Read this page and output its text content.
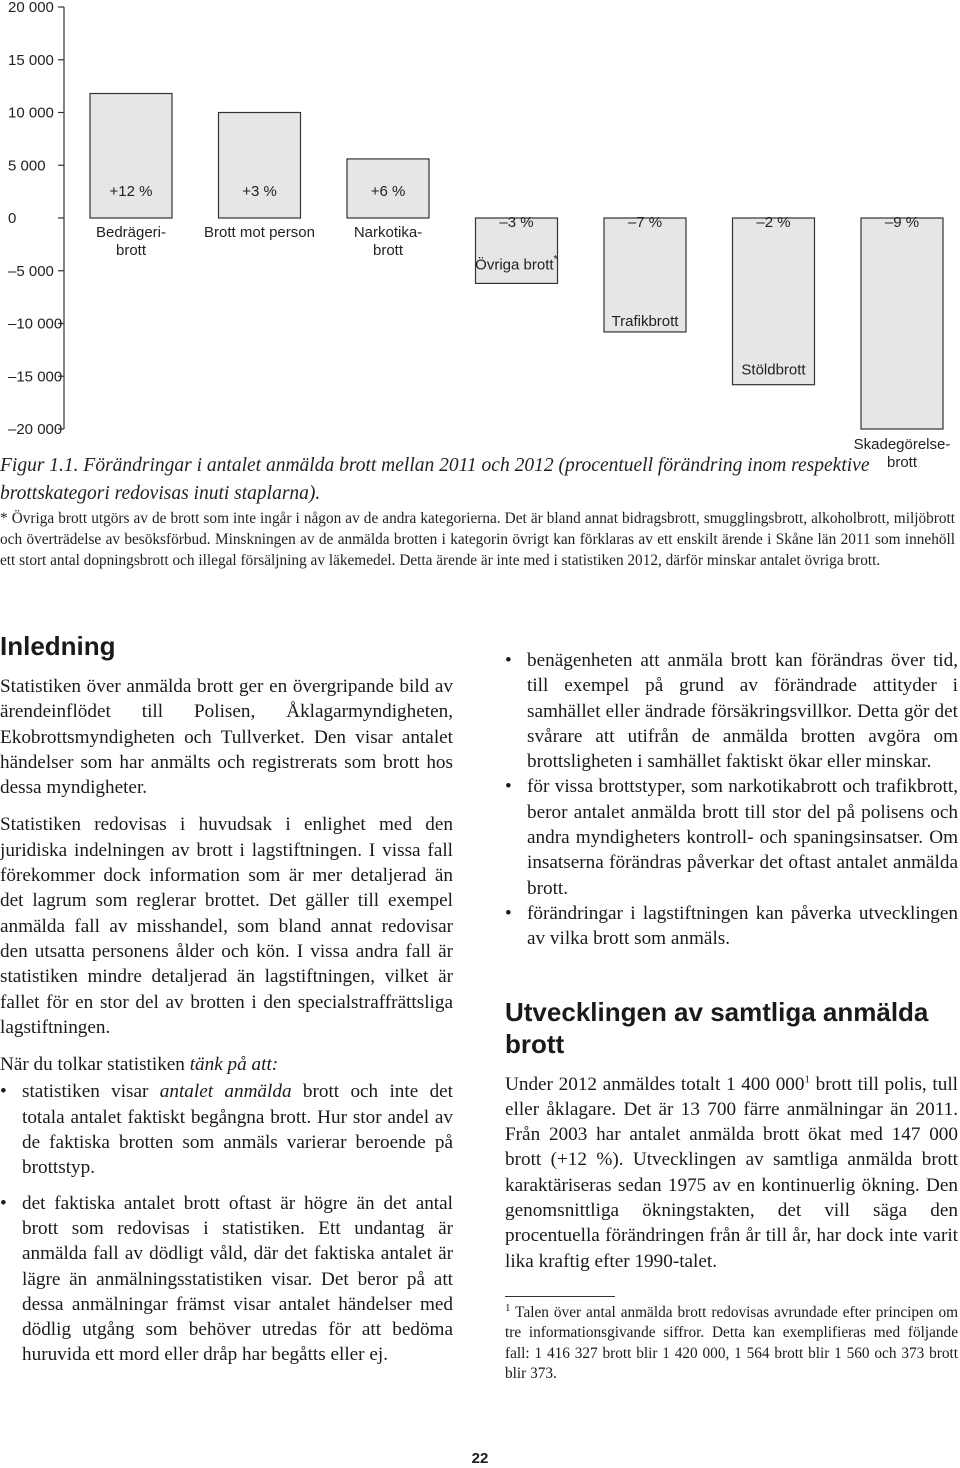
20 000
15 000
10 000
5 000
0
–5 000
–10 000
–15 000
–20 000
+12 %
Bedrägeri-brott
+3 %
Brott mot person
+6 %
Narkotika-brott
–3 %
Övriga brott*
–7 %
Trafikbrott
–2 %
Stöldbrott
–9 %
Skadegörelse-brott
Figur 1.1. Förändringar i antalet anmälda brott mellan 2011 och 2012 (procentuell förändring inom respektive brottskategori redovisas inuti staplarna).

* Övriga brott utgörs av de brott som inte ingår i någon av de andra kategorierna. Det är bland annat bidragsbrott, smugglingsbrott, alkoholbrott, miljöbrott och överträdelse av besöksförbud. Minskningen av de anmälda brotten i kategorin övrigt kan förklaras av ett enskilt ärende i Skåne län 2011 som innehöll ett stort antal dopningsbrott och illegal försäljning av läkemedel. Detta ärende är inte med i statistiken 2012, därför minskar antalet övriga brott.

Inledning

Statistiken över anmälda brott ger en övergripande bild av ärendeinflödet till Polisen, Åklagarmyndigheten, Ekobrottsmyndigheten och Tullverket. Den visar antalet händelser som har anmälts och registrerats som brott hos dessa myndigheter.

Statistiken redovisas i huvudsak i enlighet med den juridiska indelningen av brott i lagstiftningen. I vissa fall förekommer dock information som är mer detaljerad än det lagrum som reglerar brottet. Det gäller till exempel anmälda fall av misshandel, som bland annat redovisar den utsatta personens ålder och kön. I vissa andra fall är statistiken mindre detaljerad än lagstiftningen, vilket är fallet för en stor del av brotten i den specialstraffrättsliga lagstiftningen.

När du tolkar statistiken tänk på att:

• statistiken visar antalet anmälda brott och inte det totala antalet faktiskt begångna brott. Hur stor andel av de faktiska brotten som anmäls varierar beroende på brottstyp.
• det faktiska antalet brott oftast är högre än det antal brott som redovisas i statistiken. Ett undantag är anmälda fall av dödligt våld, där det faktiska antalet är lägre än anmälningsstatistiken visar. Det beror på att dessa anmälningar främst visar antalet händelser med dödlig utgång som behöver utredas för att bedöma huruvida ett mord eller dråp har begåtts eller ej.
• benägenheten att anmäla brott kan förändras över tid, till exempel på grund av förändrade attityder i samhället eller ändrade försäkringsvillkor. Detta gör det svårare att utifrån de anmälda brotten avgöra om brottsligheten i samhället faktiskt ökar eller minskar.
• för vissa brottstyper, som narkotikabrott och trafikbrott, beror antalet anmälda brott till stor del på polisens och andra myndigheters kontroll- och spaningsinsatser. Om insatserna förändras påverkar det oftast antalet anmälda brott.
• förändringar i lagstiftningen kan påverka utvecklingen av vilka brott som anmäls.
Utvecklingen av samtliga anmälda brott

Under 2012 anmäldes totalt 1 400 $000^1$ brott till polis, tull eller åklagare. Det är 13 700 färre anmälningar än 2011. Från 2003 har antalet anmälda brott ökat med 147 000 brott (+12 %). Utvecklingen av samtliga anmälda brott karaktäriseras sedan 1975 av en kontinuerlig ökning. Den genomsnittliga ökningstakten, det vill säga den procentuella förändringen från år till år, har dock inte varit lika kraftig efter 1990-talet.

$^1$ Talen över antal anmälda brott redovisas avrundade efter principen om tre informationsgivande siffror. Detta kan exemplifieras med följande fall: 1 416 327 brott blir 1 420 000, 1 564 brott blir 1 560 och 373 brott blir 373.

22
